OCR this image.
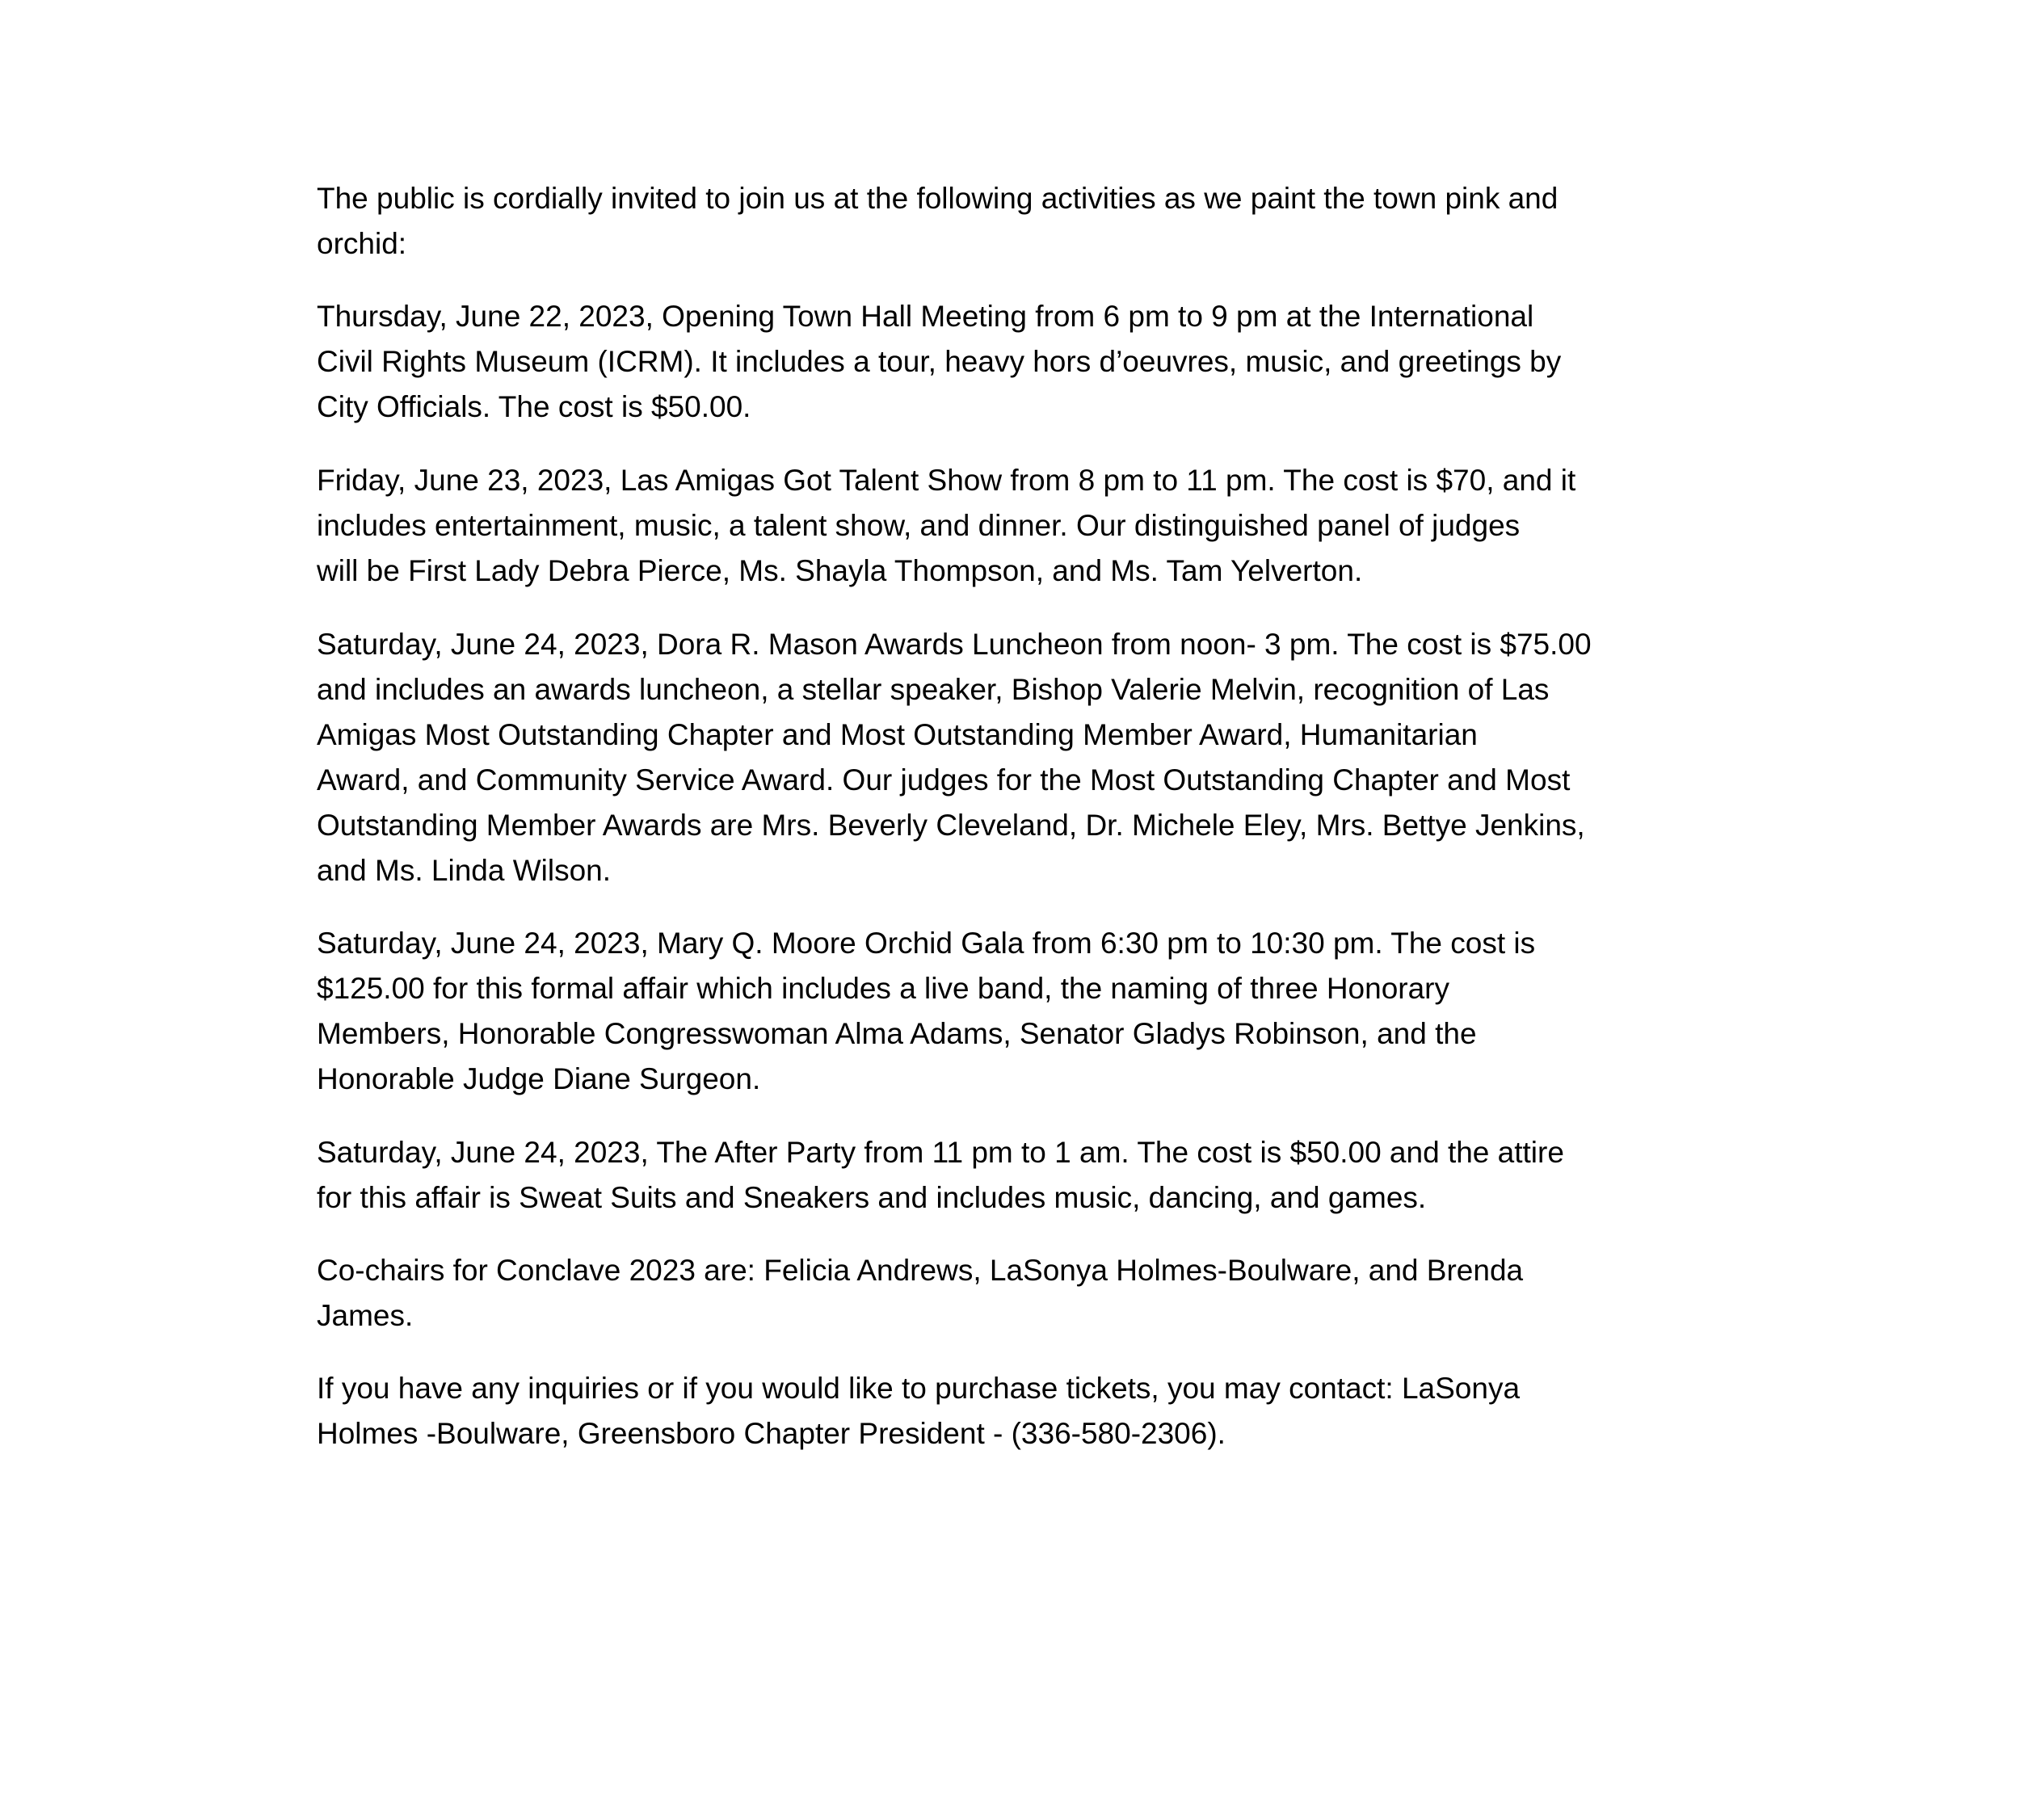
The public is cordially invited to join us at the following activities as we paint the town pink and
orchid:
Thursday, June 22, 2023, Opening Town Hall Meeting from 6 pm to 9 pm at the International
Civil Rights Museum (ICRM). It includes a tour, heavy hors d’oeuvres, music, and greetings by
City Officials. The cost is $50.00.
Friday, June 23, 2023, Las Amigas Got Talent Show from 8 pm to 11 pm. The cost is $70, and it
includes entertainment, music, a talent show, and dinner. Our distinguished panel of judges
will be First Lady Debra Pierce, Ms. Shayla Thompson, and Ms. Tam Yelverton.
Saturday, June 24, 2023, Dora R. Mason Awards Luncheon from noon- 3 pm. The cost is $75.00
and includes an awards luncheon, a stellar speaker, Bishop Valerie Melvin, recognition of Las
Amigas Most Outstanding Chapter and Most Outstanding Member Award, Humanitarian
Award, and Community Service Award. Our judges for the Most Outstanding Chapter and Most
Outstanding Member Awards are Mrs. Beverly Cleveland, Dr. Michele Eley, Mrs. Bettye Jenkins,
and Ms. Linda Wilson.
Saturday, June 24, 2023, Mary Q. Moore Orchid Gala from 6:30 pm to 10:30 pm. The cost is
$125.00 for this formal affair which includes a live band, the naming of three Honorary
Members, Honorable Congresswoman Alma Adams, Senator Gladys Robinson, and the
Honorable Judge Diane Surgeon.
Saturday, June 24, 2023, The After Party from 11 pm to 1 am. The cost is $50.00 and the attire
for this affair is Sweat Suits and Sneakers and includes music, dancing, and games.
Co-chairs for Conclave 2023 are: Felicia Andrews, LaSonya Holmes-Boulware, and Brenda
James.
If you have any inquiries or if you would like to purchase tickets, you may contact: LaSonya
Holmes -Boulware, Greensboro Chapter President - (336-580-2306).
